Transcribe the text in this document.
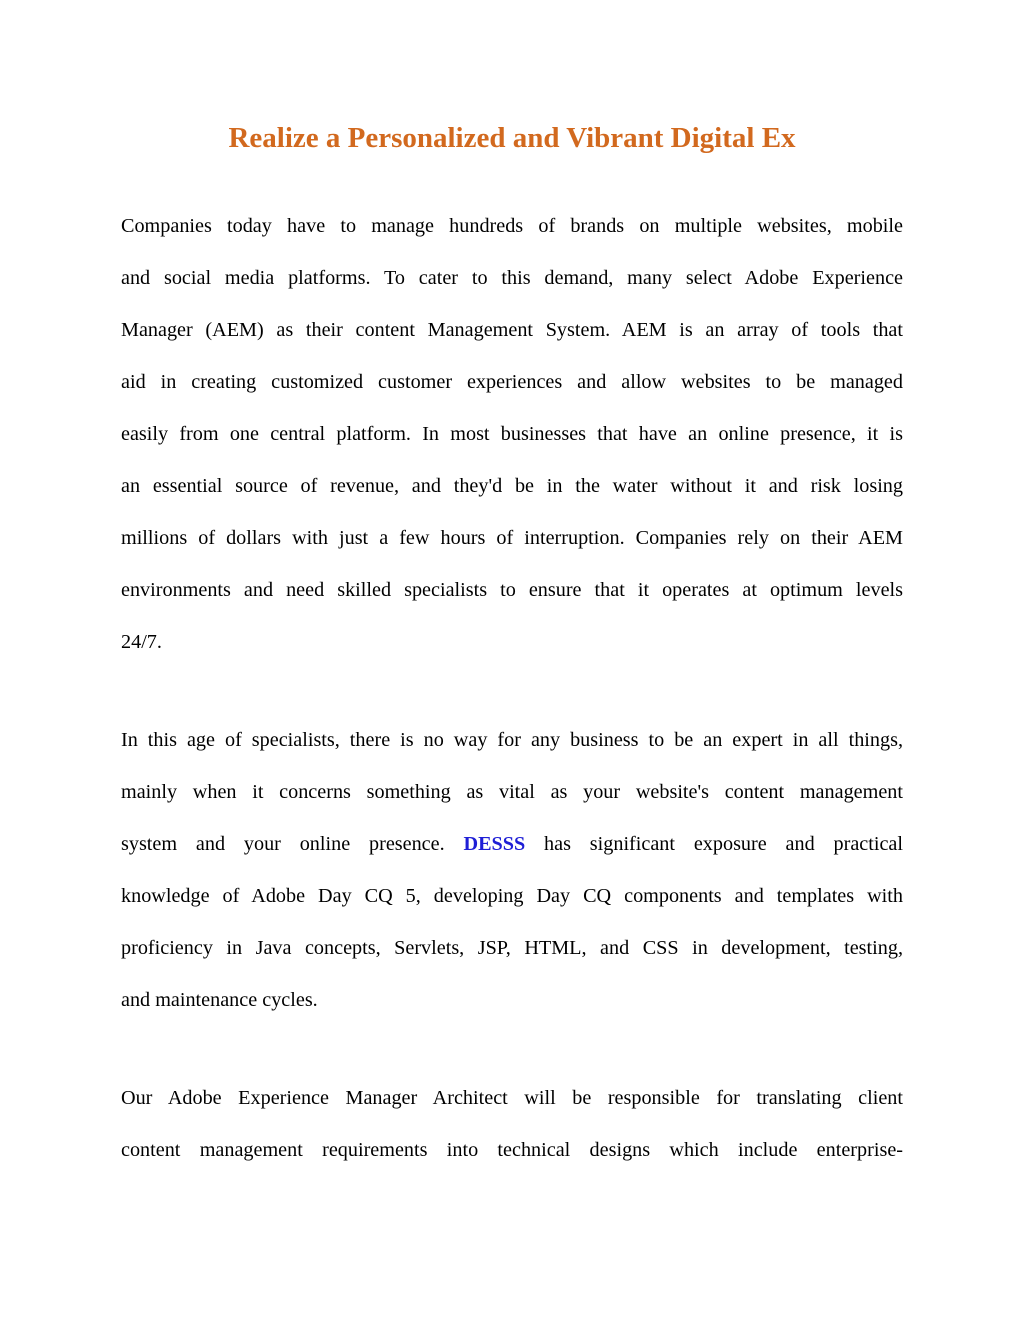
Realize a Personalized and Vibrant Digital Ex
Companies today have to manage hundreds of brands on multiple websites, mobile
and social media platforms. To cater to this demand, many select Adobe Experience
Manager (AEM) as their content Management System. AEM is an array of tools that
aid in creating customized customer experiences and allow websites to be managed
easily from one central platform. In most businesses that have an online presence, it is
an essential source of revenue, and they'd be in the water without it and risk losing
millions of dollars with just a few hours of interruption. Companies rely on their AEM
environments and need skilled specialists to ensure that it operates at optimum levels
24/7.
In this age of specialists, there is no way for any business to be an expert in all things,
mainly when it concerns something as vital as your website's content management
system and your online presence. DESSS has significant exposure and practical
knowledge of Adobe Day CQ 5, developing Day CQ components and templates with
proficiency in Java concepts, Servlets, JSP, HTML, and CSS in development, testing,
and maintenance cycles.
Our Adobe Experience Manager Architect will be responsible for translating client
content management requirements into technical designs which include enterprise-
